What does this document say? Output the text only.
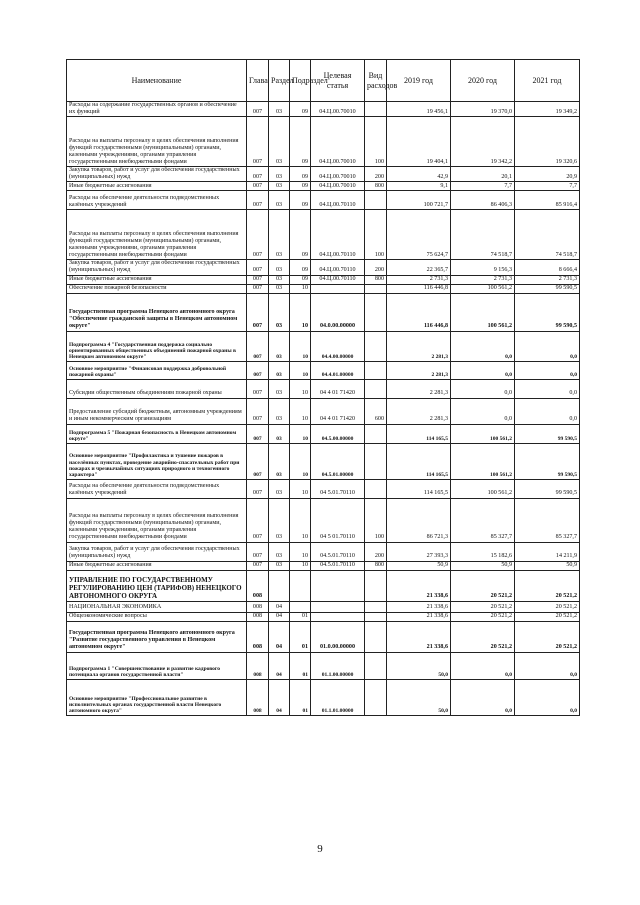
Наименование	Глава	Раздел	Подраздел	Целевая статья	Вид расходов	2019 год	2020 год	2021 год
Расходы на содержание государственных органов и обеспечение их функций	007	03	09	04.Ц.00.70010		19 456,1	19 370,0	19 349,2
Расходы на выплаты персоналу в целях обеспечения выполнения функций государственными (муниципальными) органами, казенными учреждениями, органами управления государственными внебюджетными фондами	007	03	09	04.Ц.00.70010	100	19 404,1	19 342,2	19 320,6
Закупка товаров, работ и услуг для обеспечения государственных (муниципальных) нужд	007	03	09	04.Ц.00.70010	200	42,9	20,1	20,9
Иные бюджетные ассигнования	007	03	09	04.Ц.00.70010	800	9,1	7,7	7,7
Расходы на обеспечение деятельности подведомственных казённых учреждений	007	03	09	04.Ц.00.70110		100 721,7	86 406,3	85 916,4
Расходы на выплаты персоналу в целях обеспечения выполнения функций государственными (муниципальными) органами, казенными учреждениями, органами управления государственными внебюджетными фондами	007	03	09	04.Ц.00.70110	100	75 624,7	74 518,7	74 518,7
Закупка товаров, работ и услуг для обеспечения государственных (муниципальных) нужд	007	03	09	04.Ц.00.70110	200	22 365,7	9 156,3	8 666,4
Иные бюджетные ассигнования	007	03	09	04.Ц.00.70110	800	2 731,3	2 731,3	2 731,3
Обеспечение пожарной безопасности	007	03	10			116 446,8	100 561,2	99 590,5
Государственная программа Ненецкого автономного округа "Обеспечение гражданской защиты в Ненецком автономном округе"	007	03	10	04.0.00.00000		116 446,8	100 561,2	99 590,5
Подпрограмма 4 "Государственная поддержка социально ориентированных общественных объединений пожарной охраны в Ненецком автономном округе"	007	03	10	04.4.00.00000		2 281,3	0,0	0,0
Основное мероприятие "Финансовая поддержка добровольной пожарной охраны"	007	03	10	04.4.01.00000		2 281,3	0,0	0,0
Субсидии общественным объединениям пожарной охраны	007	03	10	04 4 01 71420		2 281,3	0,0	0,0
Предоставление субсидий бюджетным, автономным учреждениям и иным некоммерческим организациям	007	03	10	04 4 01 71420	600	2 281,3	0,0	0,0
Подпрограмма 5 "Пожарная безопасность в Ненецком автономном округе"	007	03	10	04.5.00.00000		114 165,5	100 561,2	99 590,5
Основное мероприятие "Профилактика и тушение пожаров в населённых пунктах, проведение аварийно-спасательных работ при пожарах и чрезвычайных ситуациях природного и техногенного характера"	007	03	10	04.5.01.00000		114 165,5	100 561,2	99 590,5
Расходы на обеспечение деятельности подведомственных казённых учреждений	007	03	10	04 5.01.70110		114 165,5	100 561,2	99 590,5
Расходы на выплаты персоналу в целях обеспечения выполнения функций государственными (муниципальными) органами, казенными учреждениями, органами управления государственными внебюджетными фондами	007	03	10	04 5 01.70110	100	86 721,3	85 327,7	85 327,7
Закупка товаров, работ и услуг для обеспечения государственных (муниципальных) нужд	007	03	10	04.5.01.70110	200	27 393,3	15 182,6	14 211,9
Иные бюджетные ассигнования	007	03	10	04.5.01.70110	800	50,9	50,9	50,9
УПРАВЛЕНИЕ ПО ГОСУДАРСТВЕННОМУ РЕГУЛИРОВАНИЮ ЦЕН (ТАРИФОВ) НЕНЕЦКОГО АВТОНОМНОГО ОКРУГА	008					21 338,6	20 521,2	20 521,2
НАЦИОНАЛЬНАЯ ЭКОНОМИКА	008	04				21 338,6	20 521,2	20 521,2
Общеэкономические вопросы	008	04	01			21 338,6	20 521,2	20 521,2
Государственная программа Ненецкого автономного округа "Развитие государственного управления в Ненецком автономном округе"	008	04	01	01.0.00.00000		21 338,6	20 521,2	20 521,2
Подпрограмма 1 "Совершенствование и развитие кадрового потенциала органов государственной власти"	008	04	01	01.1.00.00000		50,0	0,0	0,0
Основное мероприятие "Профессиональное развитие в исполнительных органах государственной власти Ненецкого автономного округа"	008	04	01	01.1.01.00000		50,0	0,0	0,0
9
